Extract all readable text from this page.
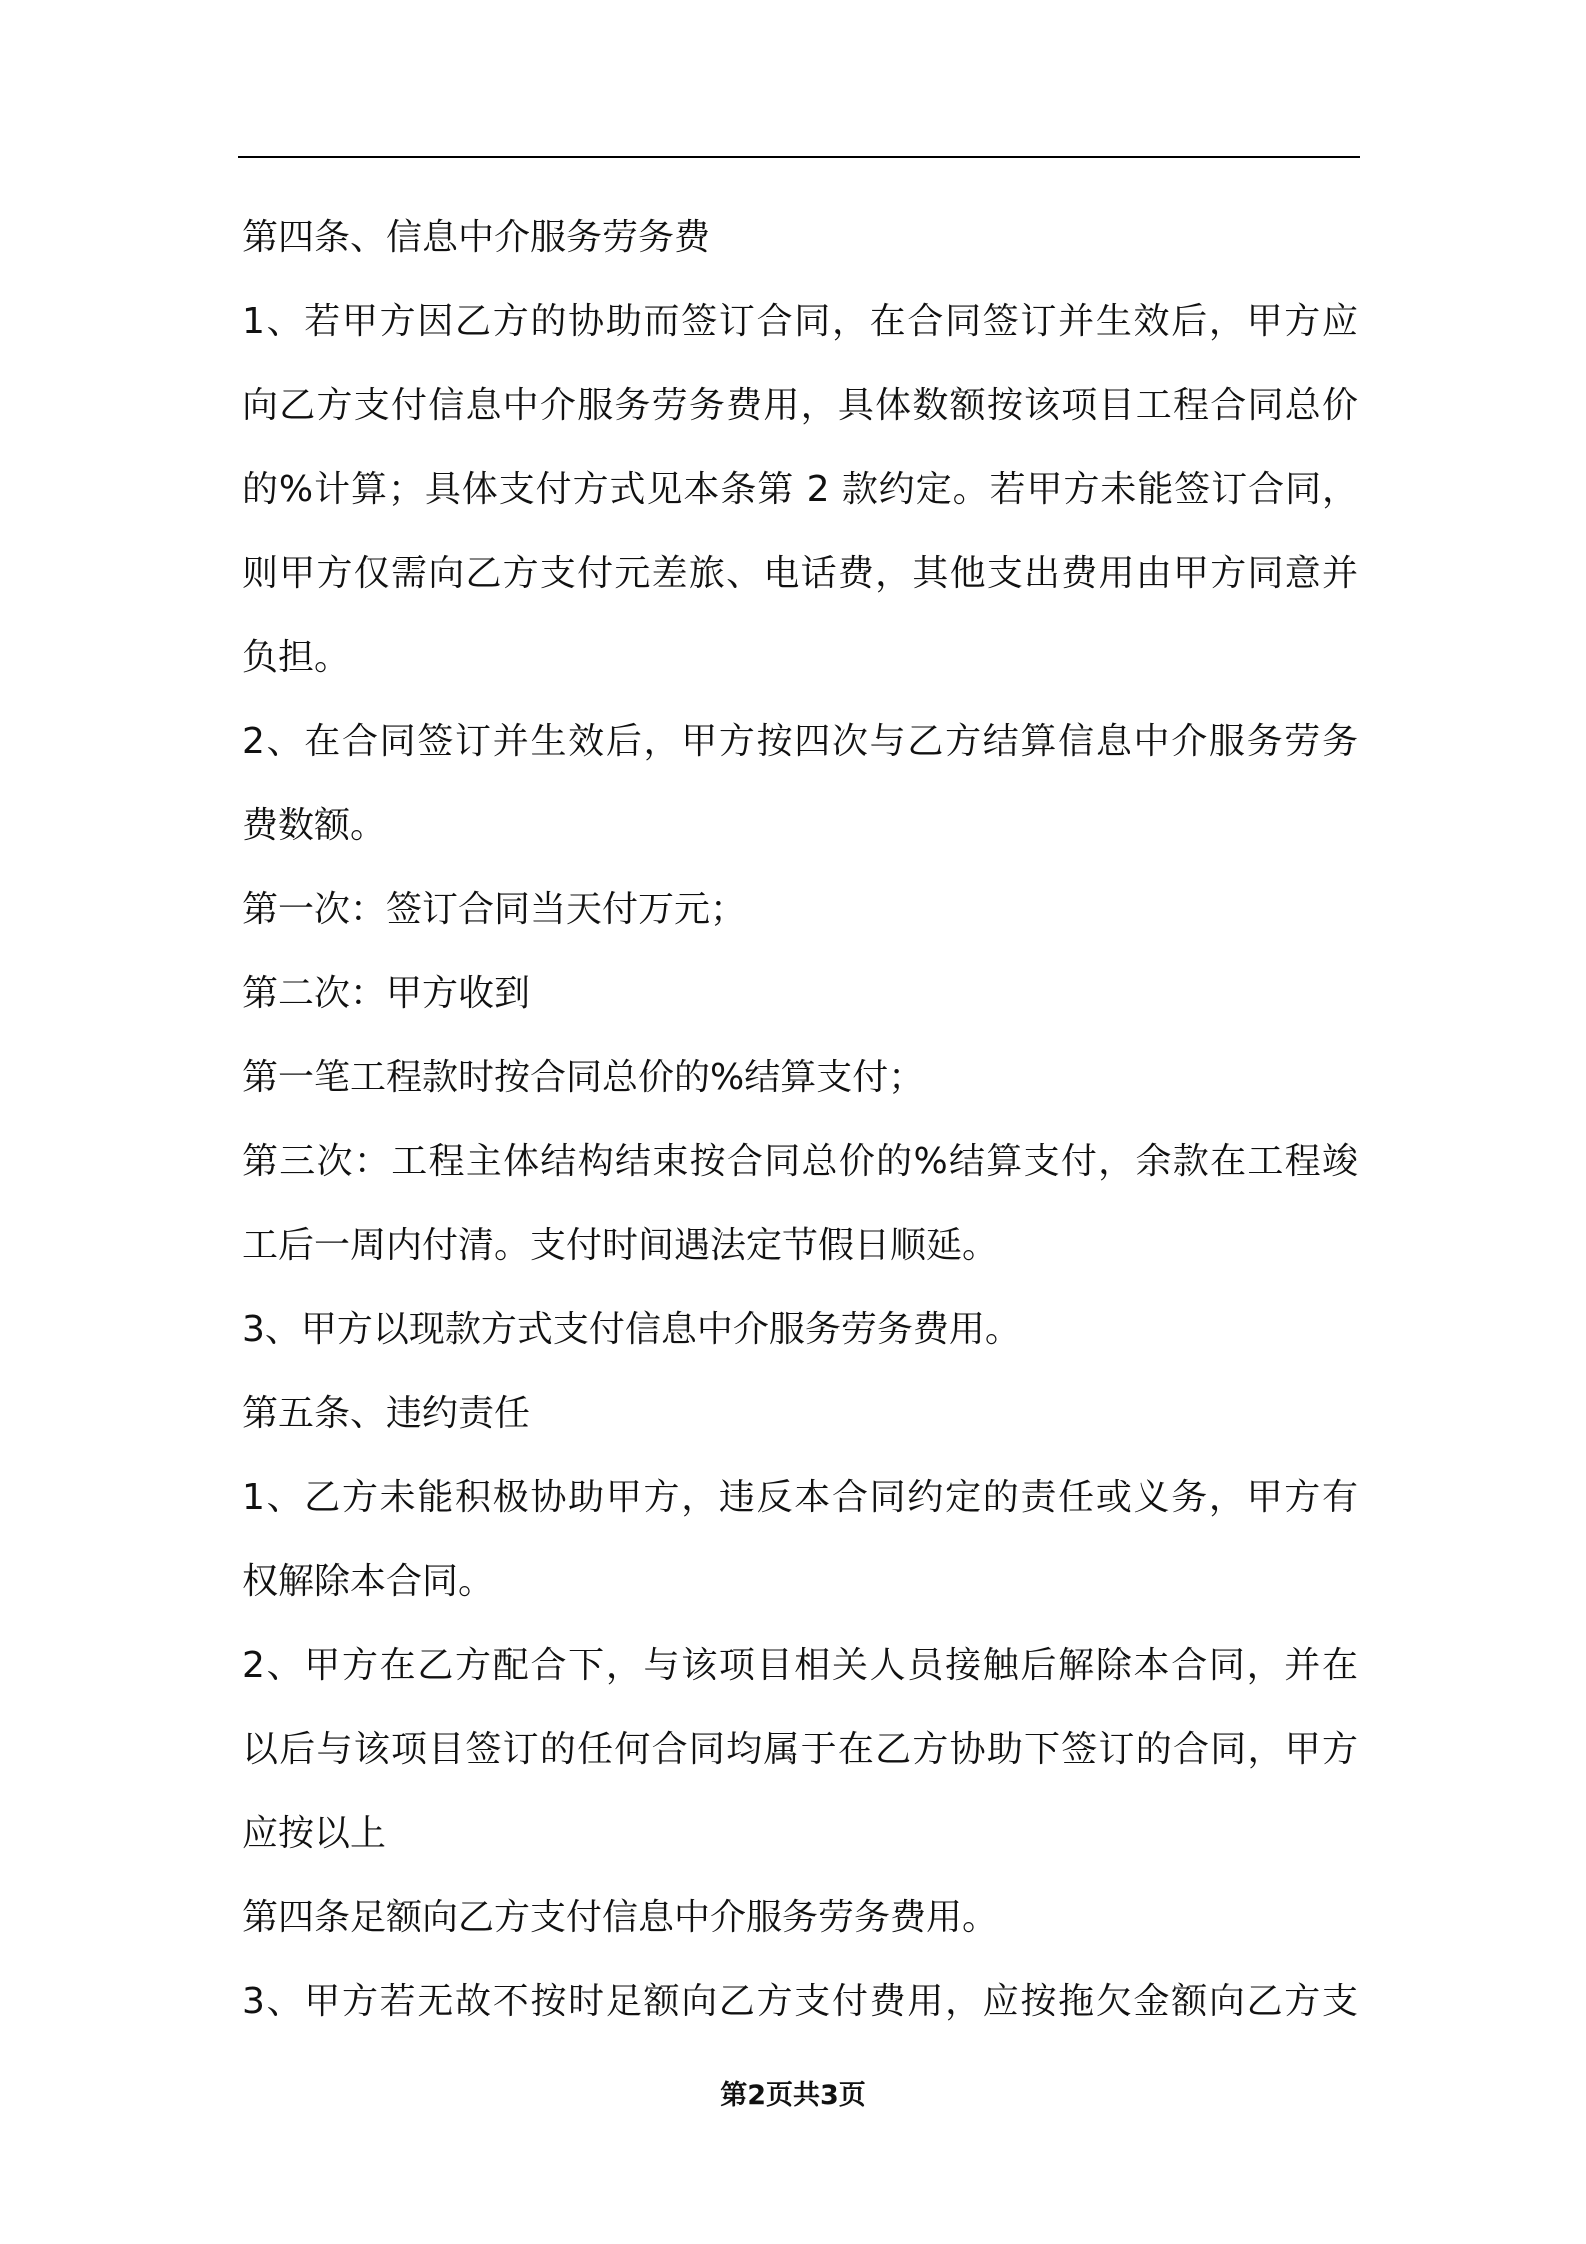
第四条、信息中介服务劳务费
1、若甲方因乙方的协助而签订合同，在合同签订并生效后，甲方应
向乙方支付信息中介服务劳务费用，具体数额按该项目工程合同总价
的%计算；具体支付方式见本条第 2 款约定。若甲方未能签订合同，
则甲方仅需向乙方支付元差旅、电话费，其他支出费用由甲方同意并
负担。
2、在合同签订并生效后，甲方按四次与乙方结算信息中介服务劳务
费数额。
第一次：签订合同当天付万元；
第二次：甲方收到
第一笔工程款时按合同总价的%结算支付；
第三次：工程主体结构结束按合同总价的%结算支付，余款在工程竣
工后一周内付清。支付时间遇法定节假日顺延。
3、甲方以现款方式支付信息中介服务劳务费用。
第五条、违约责任
1、乙方未能积极协助甲方，违反本合同约定的责任或义务，甲方有
权解除本合同。
2、甲方在乙方配合下，与该项目相关人员接触后解除本合同，并在
以后与该项目签订的任何合同均属于在乙方协助下签订的合同，甲方
应按以上
第四条足额向乙方支付信息中介服务劳务费用。
3、甲方若无故不按时足额向乙方支付费用，应按拖欠金额向乙方支
第2页共3页
